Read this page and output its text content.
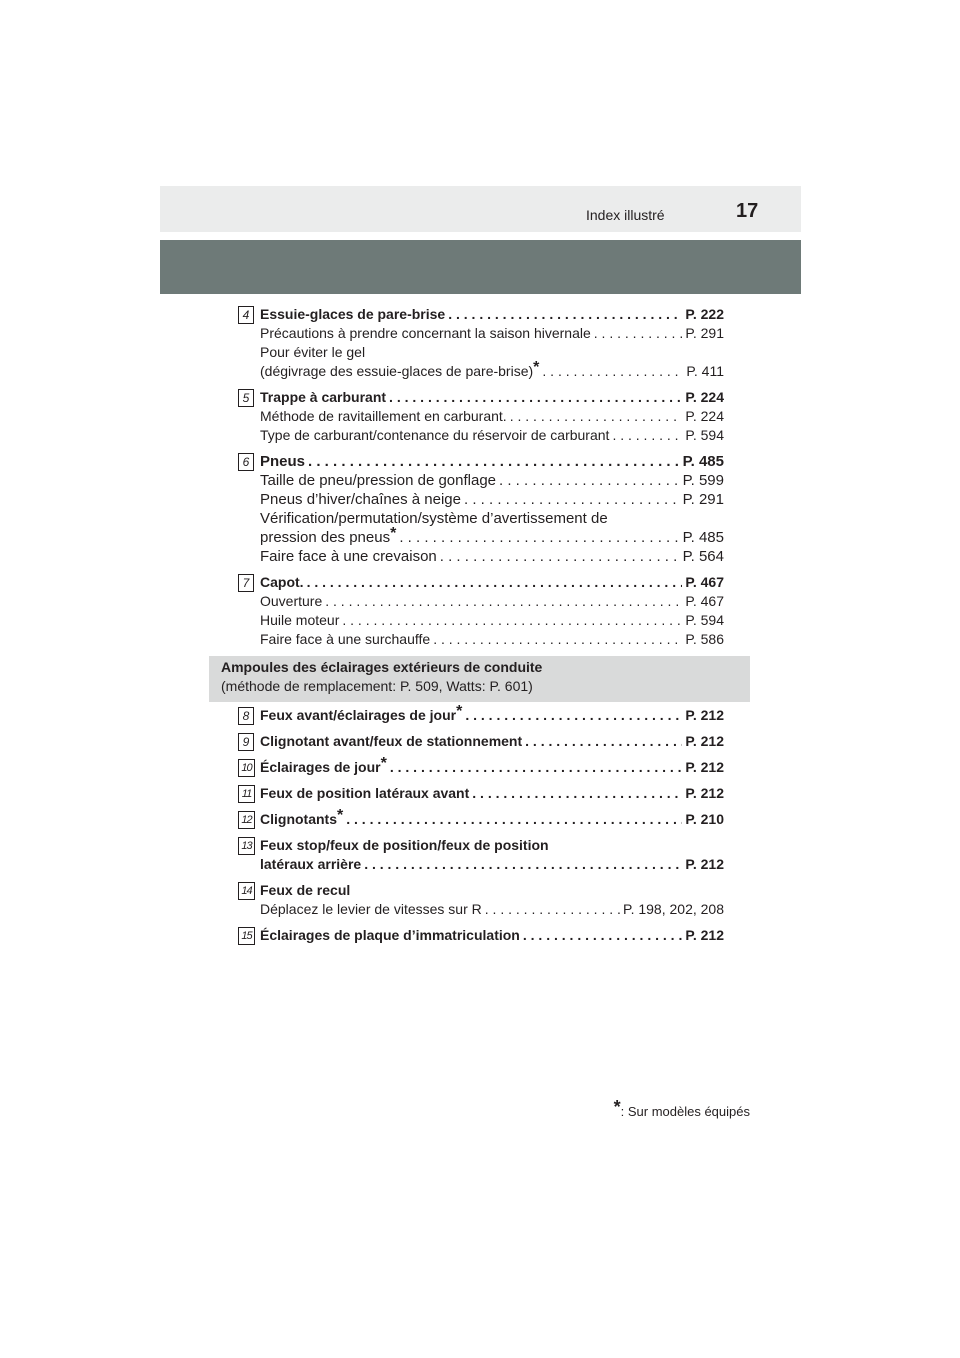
Index illustré	17
4 Essuie-glaces de pare-brise . . .	P. 222
Précautions à prendre concernant la saison hivernale . . .	P. 291
Pour éviter le gel
(dégivrage des essuie-glaces de pare-brise)* . . .	P. 411
5 Trappe à carburant . . .	P. 224
Méthode de ravitaillement en carburant. . . .	P. 224
Type de carburant/contenance du réservoir de carburant . . .	P. 594
6 Pneus . . .	P. 485
Taille de pneu/pression de gonflage . . .	P. 599
Pneus d’hiver/chaînes à neige . . .	P. 291
Vérification/permutation/système d’avertissement de
pression des pneus* . . .	P. 485
Faire face à une crevaison . . .	P. 564
7 Capot. . . .	P. 467
Ouverture . . .	P. 467
Huile moteur . . .	P. 594
Faire face à une surchauffe . . .	P. 586
Ampoules des éclairages extérieurs de conduite
(méthode de remplacement: P. 509, Watts: P. 601)
8 Feux avant/éclairages de jour* . . .	P. 212
9 Clignotant avant/feux de stationnement . . .	P. 212
10 Éclairages de jour* . . .	P. 212
11 Feux de position latéraux avant . . .	P. 212
12 Clignotants* . . .	P. 210
13 Feux stop/feux de position/feux de position
latéraux arrière . . .	P. 212
14 Feux de recul
Déplacez le levier de vitesses sur R . . .	P. 198, 202, 208
15 Éclairages de plaque d’immatriculation . . .	P. 212
*: Sur modèles équipés
